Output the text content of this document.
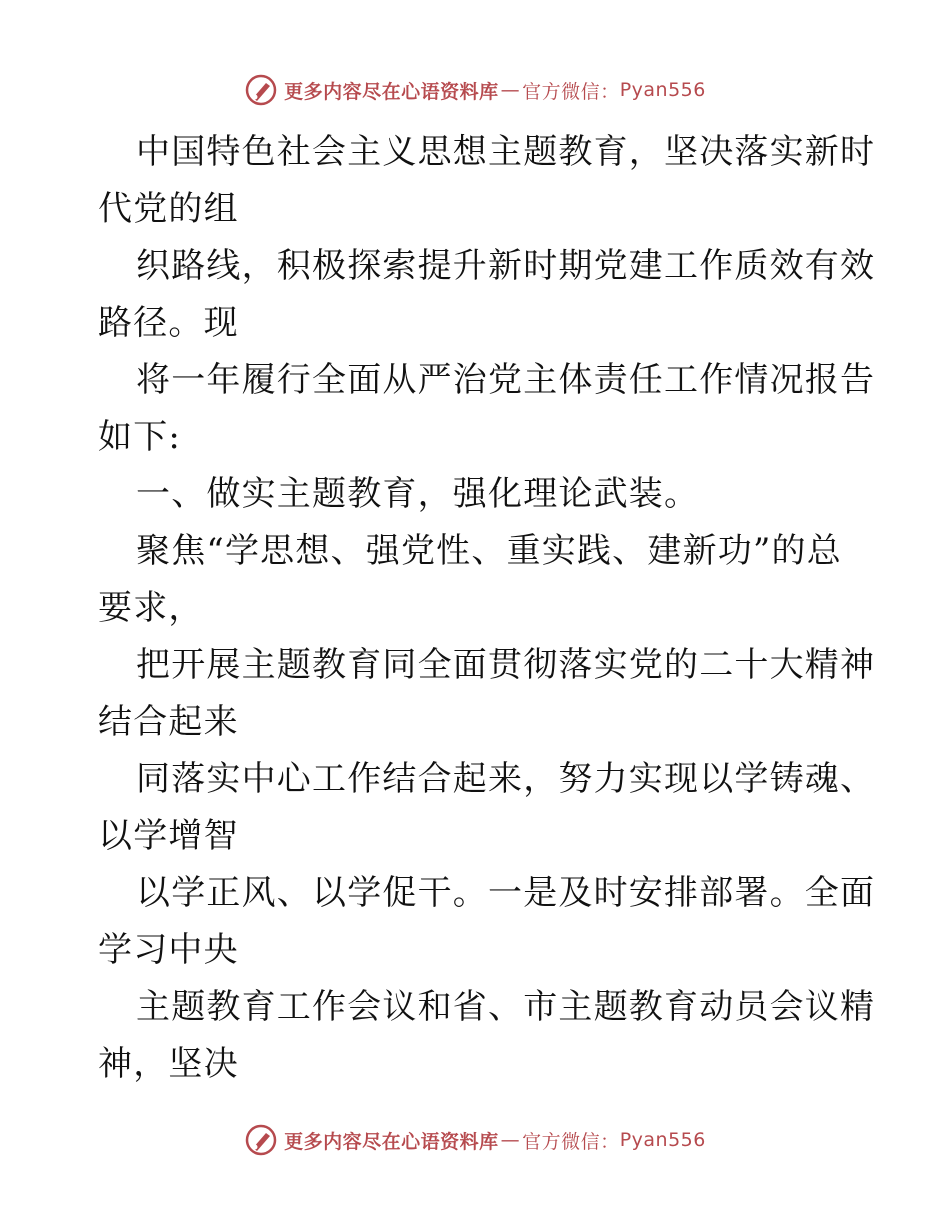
更多内容尽在心语资料库 — 官方微信： Pyan556
中国特色社会主义思想主题教育，坚决落实新时
代党的组
织路线，积极探索提升新时期党建工作质效有效
路径。现
将一年履行全面从严治党主体责任工作情况报告
如下:
一、做实主题教育，强化理论武装。
聚焦“学思想、强党性、重实践、建新功”的总
要求，
把开展主题教育同全面贯彻落实党的二十大精神
结合起来
同落实中心工作结合起来，努力实现以学铸魂、
以学增智
以学正风、以学促干。一是及时安排部署。全面
学习中央
主题教育工作会议和省、市主题教育动员会议精
神，坚决
更多内容尽在心语资料库 — 官方微信： Pyan556
